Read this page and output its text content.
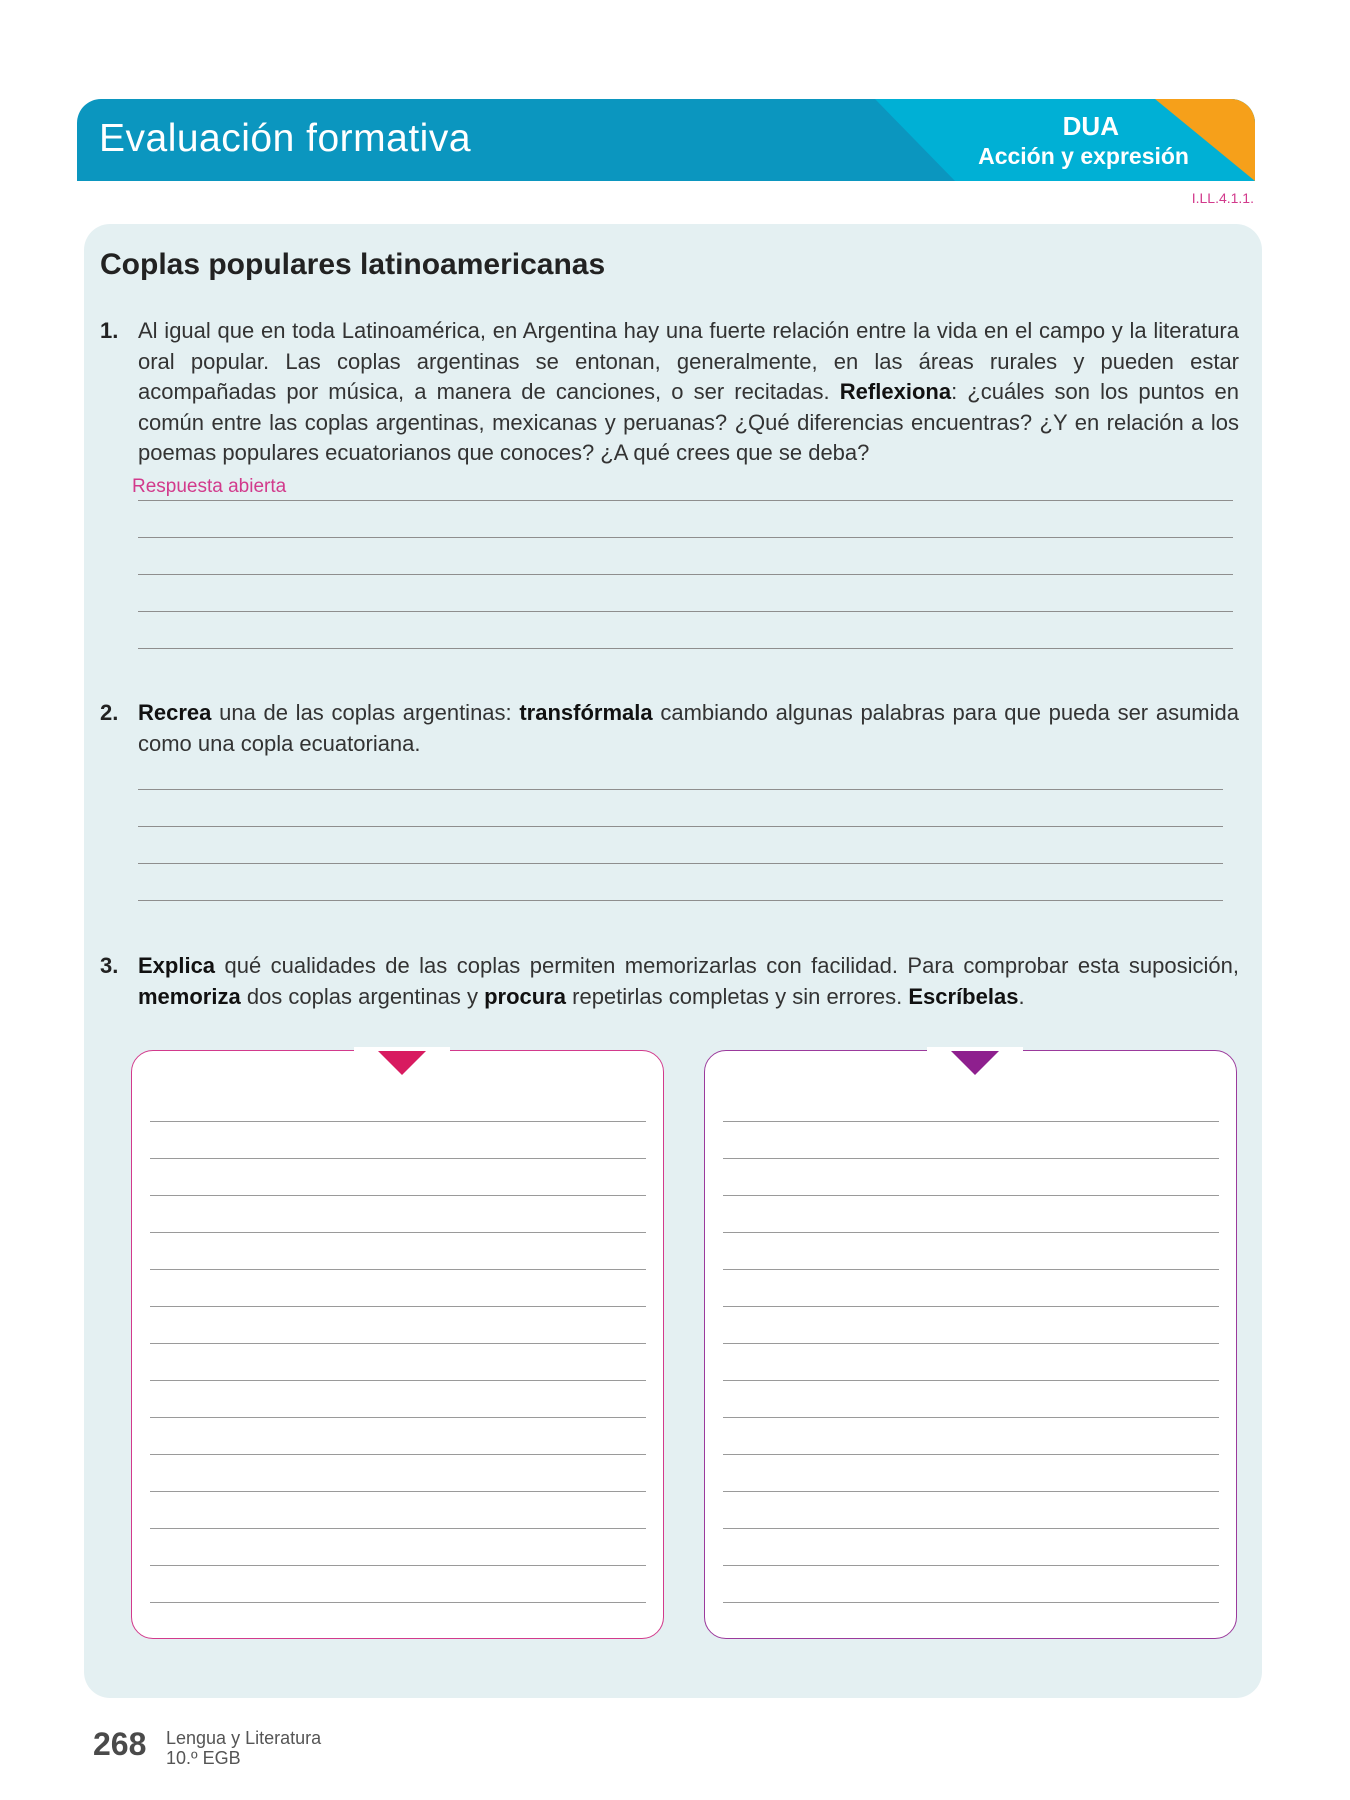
Evaluación formativa	DUA
Acción y expresión
I.LL.4.1.1.
Coplas populares latinoamericanas
1. Al igual que en toda Latinoamérica, en Argentina hay una fuerte relación entre la vida en el campo y la literatura oral popular. Las coplas argentinas se entonan, generalmente, en las áreas rurales y pueden estar acompañadas por música, a manera de canciones, o ser recitadas. Reflexiona: ¿cuáles son los puntos en común entre las coplas argentinas, mexicanas y peruanas? ¿Qué diferencias encuentras? ¿Y en relación a los poemas populares ecuatorianos que conoces? ¿A qué crees que se deba?
Respuesta abierta
2. Recrea una de las coplas argentinas: transfórmala cambiando algunas palabras para que pueda ser asumida como una copla ecuatoriana.
3. Explica qué cualidades de las coplas permiten memorizarlas con facilidad. Para comprobar esta suposición, memoriza dos coplas argentinas y procura repetirlas completas y sin errores. Escríbelas.
268 Lengua y Literatura
10.º EGB
